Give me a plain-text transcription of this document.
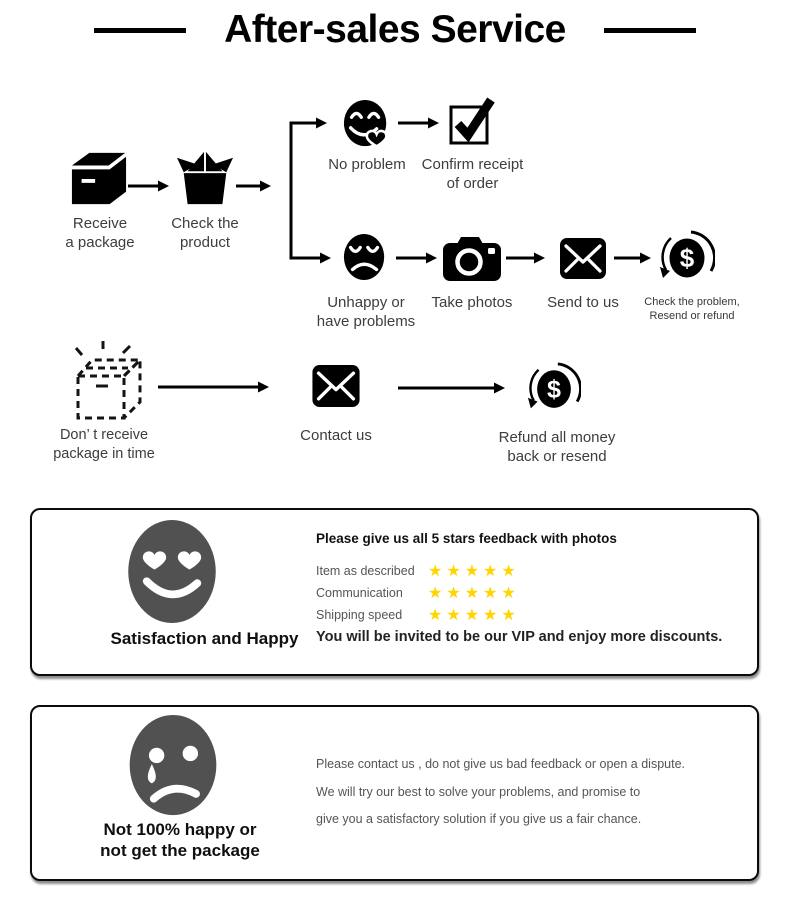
After-sales Service
$
$
Receive
a package
Check the
product
No problem	Confirm receipt
of order
Unhappy or
have problems
Take photos	Send to us	Check the problem,
Resend or refund
Don’ t receive
package in time
Contact us	Refund all money
back or resend
Satisfaction and Happy
Please give us all 5 stars feedback with photos
Item as described ★★★★★
Communication	★★★★★
Shipping speed	★★★★★
You will be invited to be our VIP and enjoy more discounts.
Not 100% happy or
not get the package
Please contact us , do not give us bad feedback or open a dispute.
We will try our best to solve your problems, and promise to
give you a satisfactory solution if you give us a fair chance.
